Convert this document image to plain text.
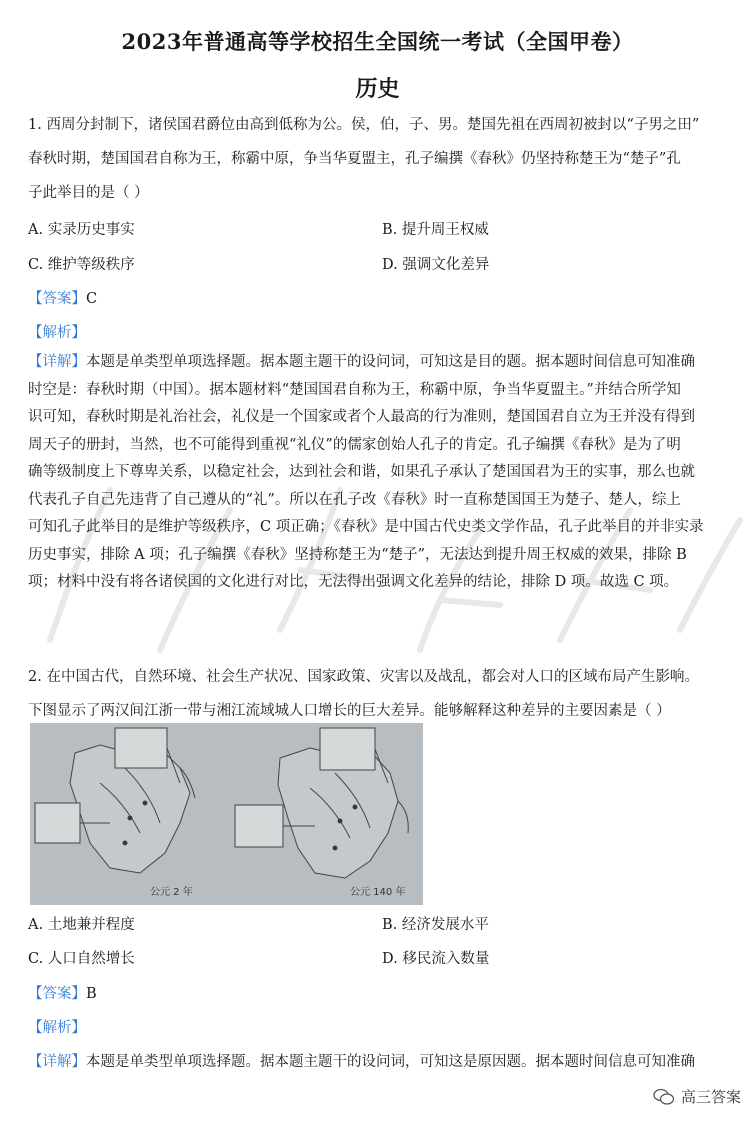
2023年普通高等学校招生全国统一考试（全国甲卷）
历史
1. 西周分封制下，诸侯国君爵位由高到低称为公。侯，伯，子、男。楚国先祖在西周初被封以“子男之田”
春秋时期，楚国国君自称为王，称霸中原，争当华夏盟主，孔子编撰《春秋》仍坚持称楚王为“楚子”孔
子此举目的是（ ）
A. 实录历史事实	B. 提升周王权威
C. 维护等级秩序	D. 强调文化差异
【答案】C
【解析】
【详解】本题是单类型单项选择题。据本题主题干的设问词，可知这是目的题。据本题时间信息可知准确
时空是：春秋时期（中国）。据本题材料“楚国国君自称为王，称霸中原，争当华夏盟主。”并结合所学知
识可知，春秋时期是礼治社会，礼仪是一个国家或者个人最高的行为准则，楚国国君自立为王并没有得到
周天子的册封，当然，也不可能得到重视“礼仪”的儒家创始人孔子的肯定。孔子编撰《春秋》是为了明
确等级制度上下尊卑关系，以稳定社会，达到社会和谐，如果孔子承认了楚国国君为王的实事，那么也就
代表孔子自己先违背了自己遵从的“礼”。所以在孔子改《春秋》时一直称楚国国王为楚子、楚人，综上
可知孔子此举目的是维护等级秩序，C 项正确；《春秋》是中国古代史类文学作品，孔子此举目的并非实录
历史事实，排除 A 项；孔子编撰《春秋》坚持称楚王为“楚子”，无法达到提升周王权威的效果，排除 B
项；材料中没有将各诸侯国的文化进行对比，无法得出强调文化差异的结论，排除 D 项。故选 C 项。
2. 在中国古代，自然环境、社会生产状况、国家政策、灾害以及战乱，都会对人口的区域布局产生影响。
下图显示了两汉间江浙一带与湘江流域城人口增长的巨大差异。能够解释这种差异的主要因素是（ ）
公元 2 年	公元 140 年
A. 土地兼并程度	B. 经济发展水平
C. 人口自然增长	D. 移民流入数量
【答案】B
【解析】
【详解】本题是单类型单项选择题。据本题主题干的设问词，可知这是原因题。据本题时间信息可知准确
高三答案
